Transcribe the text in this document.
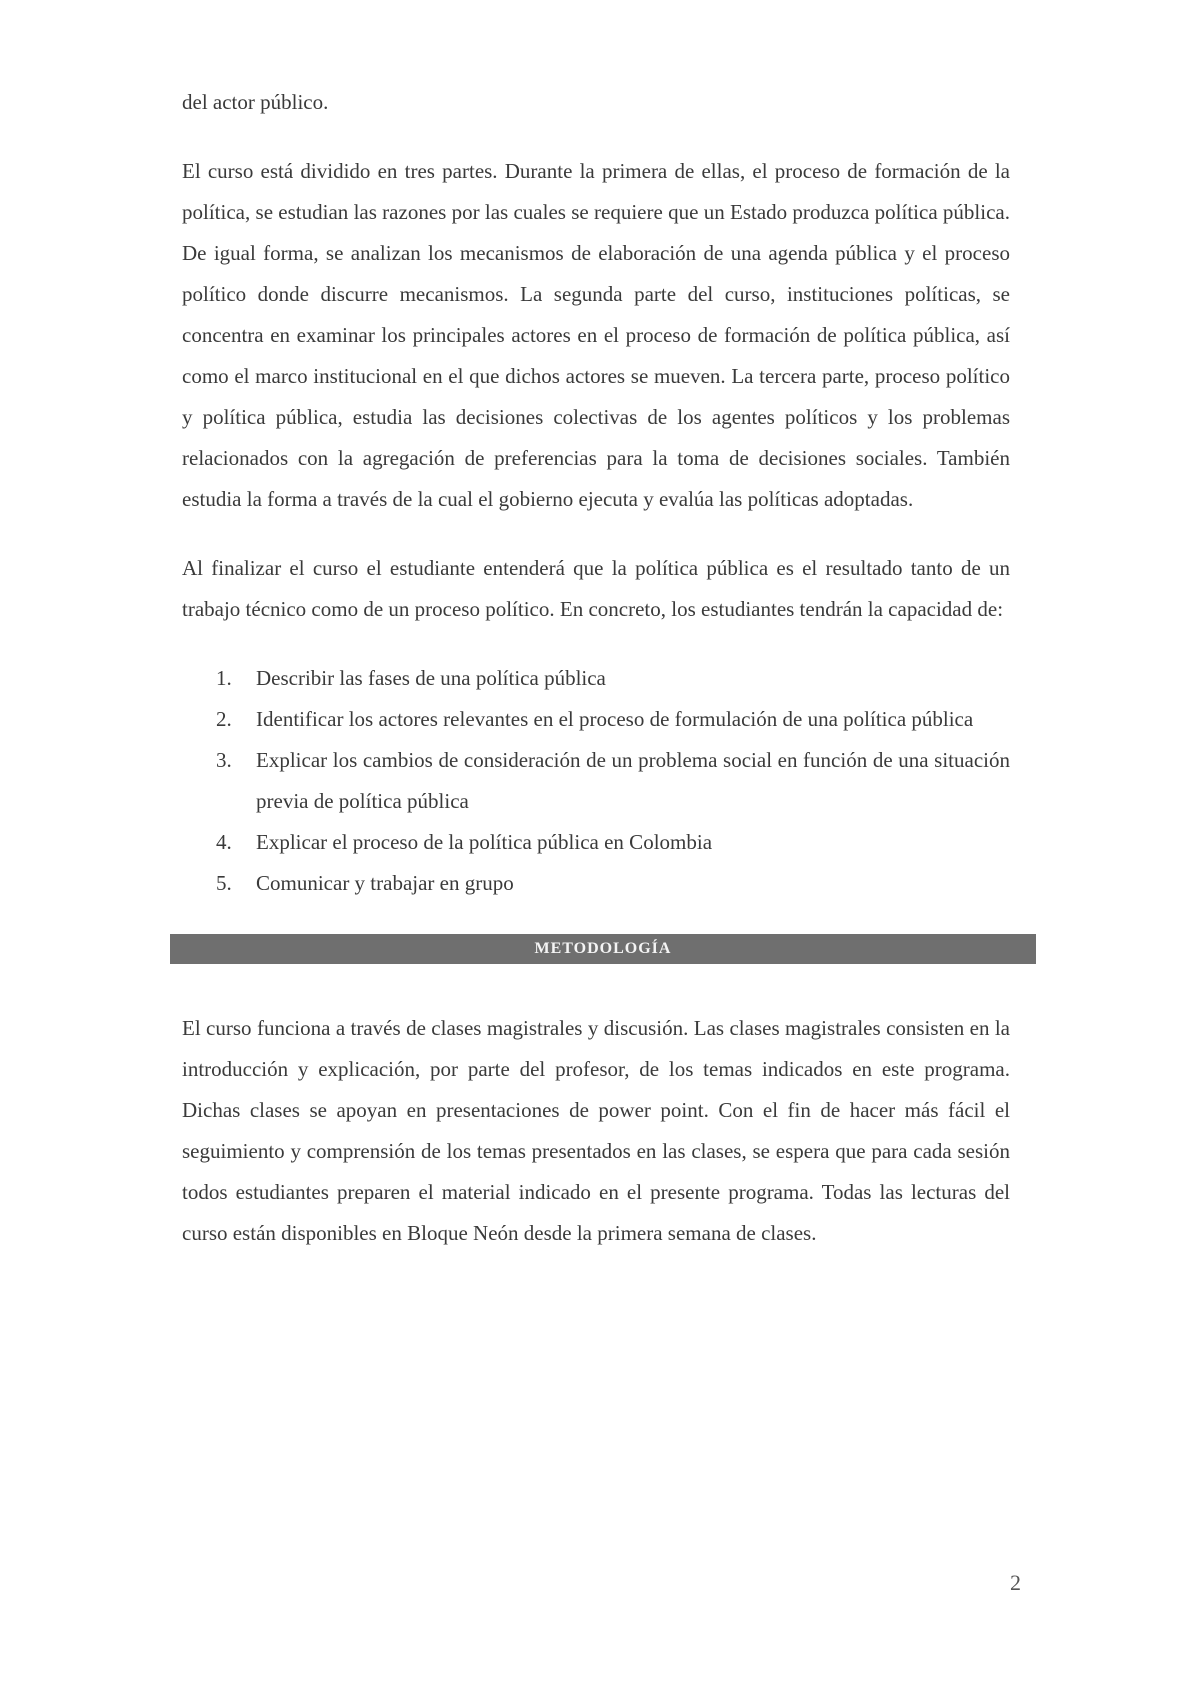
del actor público.

El curso está dividido en tres partes. Durante la primera de ellas, el proceso de formación de la política, se estudian las razones por las cuales se requiere que un Estado produzca política pública. De igual forma, se analizan los mecanismos de elaboración de una agenda pública y el proceso político donde discurre mecanismos. La segunda parte del curso, instituciones políticas, se concentra en examinar los principales actores en el proceso de formación de política pública, así como el marco institucional en el que dichos actores se mueven. La tercera parte, proceso político y política pública, estudia las decisiones colectivas de los agentes políticos y los problemas relacionados con la agregación de preferencias para la toma de decisiones sociales. También estudia la forma a través de la cual el gobierno ejecuta y evalúa las políticas adoptadas.

Al finalizar el curso el estudiante entenderá que la política pública es el resultado tanto de un trabajo técnico como de un proceso político. En concreto, los estudiantes tendrán la capacidad de:

1.	Describir las fases de una política pública
2.	Identificar los actores relevantes en el proceso de formulación de una política pública
3.	Explicar los cambios de consideración de un problema social en función de una situación previa de política pública
4.	Explicar el proceso de la política pública en Colombia
5.	Comunicar y trabajar en grupo
METODOLOGÍA

El curso funciona a través de clases magistrales y discusión. Las clases magistrales consisten en la introducción y explicación, por parte del profesor, de los temas indicados en este programa. Dichas clases se apoyan en presentaciones de power point. Con el fin de hacer más fácil el seguimiento y comprensión de los temas presentados en las clases, se espera que para cada sesión todos estudiantes preparen el material indicado en el presente programa. Todas las lecturas del curso están disponibles en Bloque Neón desde la primera semana de clases.

2
